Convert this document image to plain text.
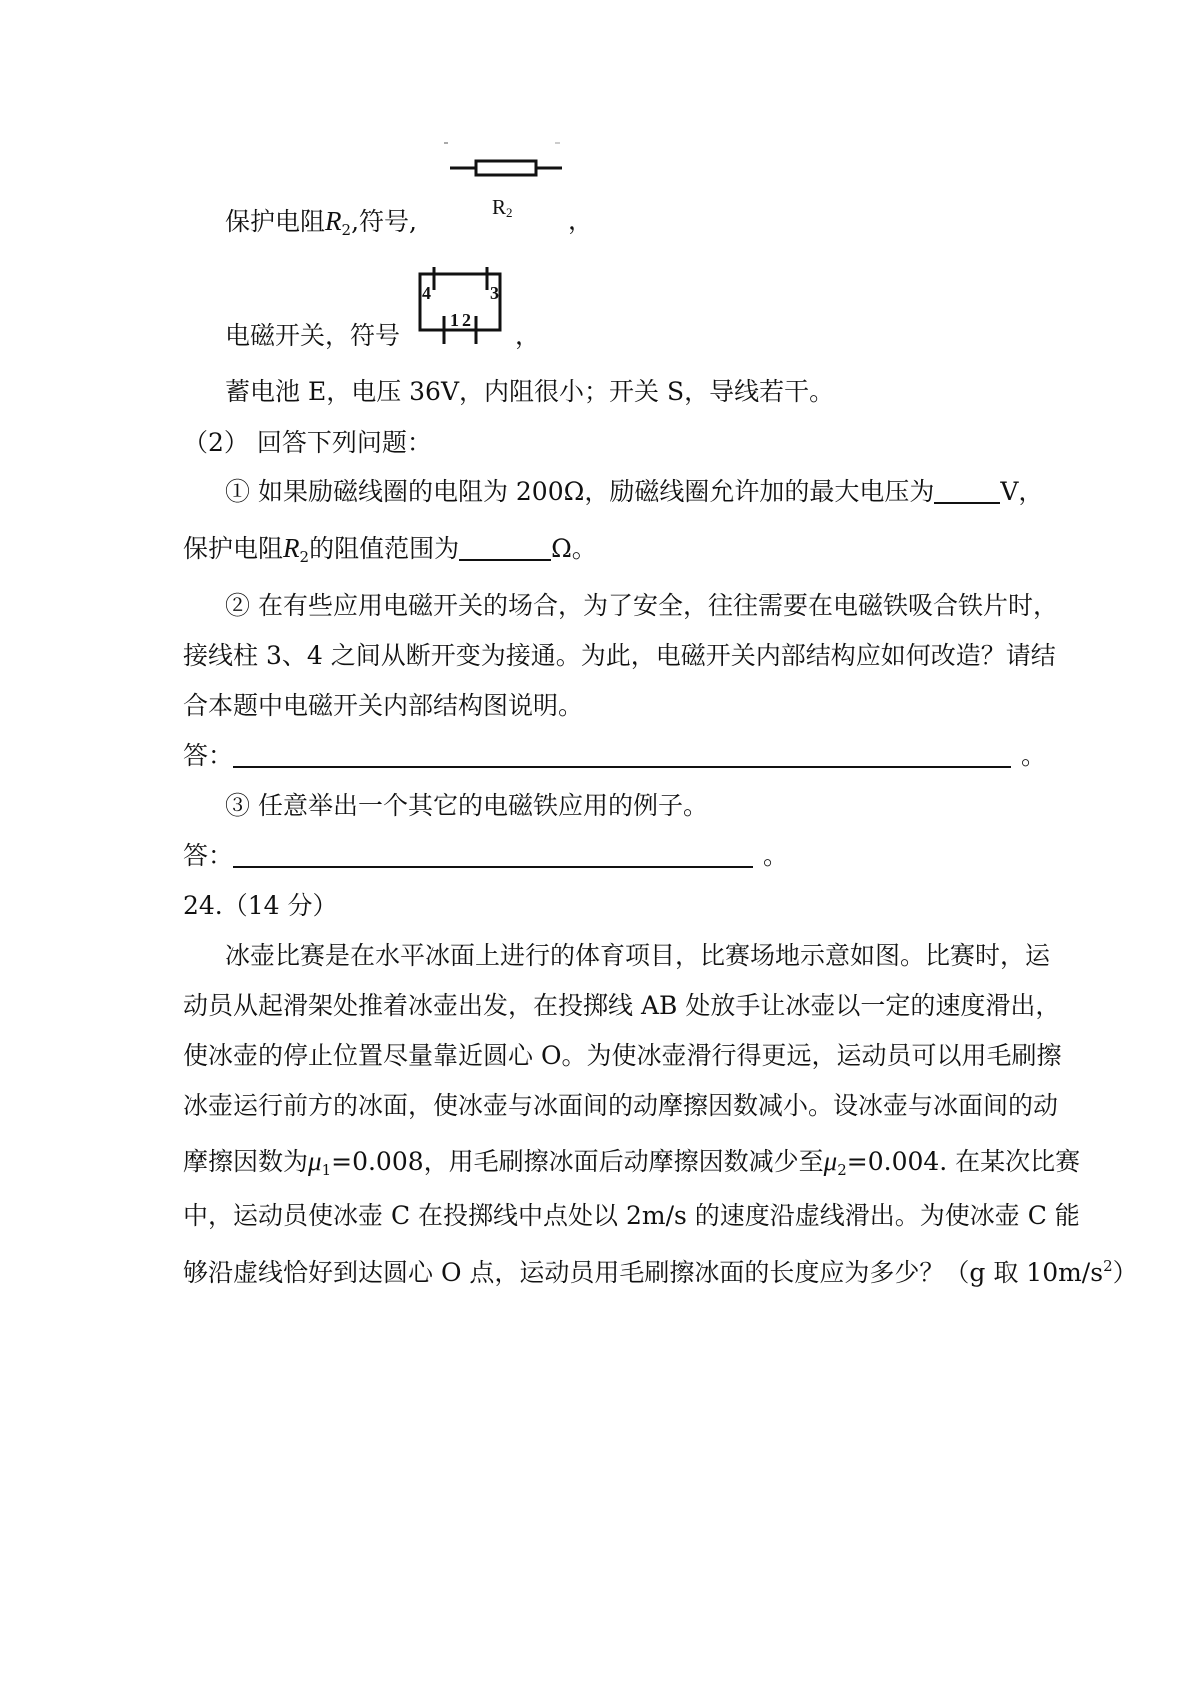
R2
4	3
1 2
保护电阻$R_2$,符号,	，
电磁开关，符号	，
蓄电池 E，电压 36V，内阻很小；开关 S，导线若干。
（2） 回答下列问题：
① 如果励磁线圈的电阻为 200Ω，励磁线圈允许加的最大电压为	V，
保护电阻$R_2$的阻值范围为	Ω。
② 在有些应用电磁开关的场合，为了安全，往往需要在电磁铁吸合铁片时，
接线柱 3、4 之间从断开变为接通。为此，电磁开关内部结构应如何改造？请结
合本题中电磁开关内部结构图说明。
答：	。
③ 任意举出一个其它的电磁铁应用的例子。
答：	。
24.（14 分）
冰壶比赛是在水平冰面上进行的体育项目，比赛场地示意如图。比赛时，运
动员从起滑架处推着冰壶出发，在投掷线 AB 处放手让冰壶以一定的速度滑出，
使冰壶的停止位置尽量靠近圆心 O。为使冰壶滑行得更远，运动员可以用毛刷擦
冰壶运行前方的冰面，使冰壶与冰面间的动摩擦因数减小。设冰壶与冰面间的动
摩擦因数为$\mu_1=0.008$，用毛刷擦冰面后动摩擦因数减少至$\mu_2=0.004$. 在某次比赛
中，运动员使冰壶 C 在投掷线中点处以 2m/s 的速度沿虚线滑出。为使冰壶 C 能
够沿虚线恰好到达圆心 O 点，运动员用毛刷擦冰面的长度应为多少？（g 取 $10m/s^2$）
